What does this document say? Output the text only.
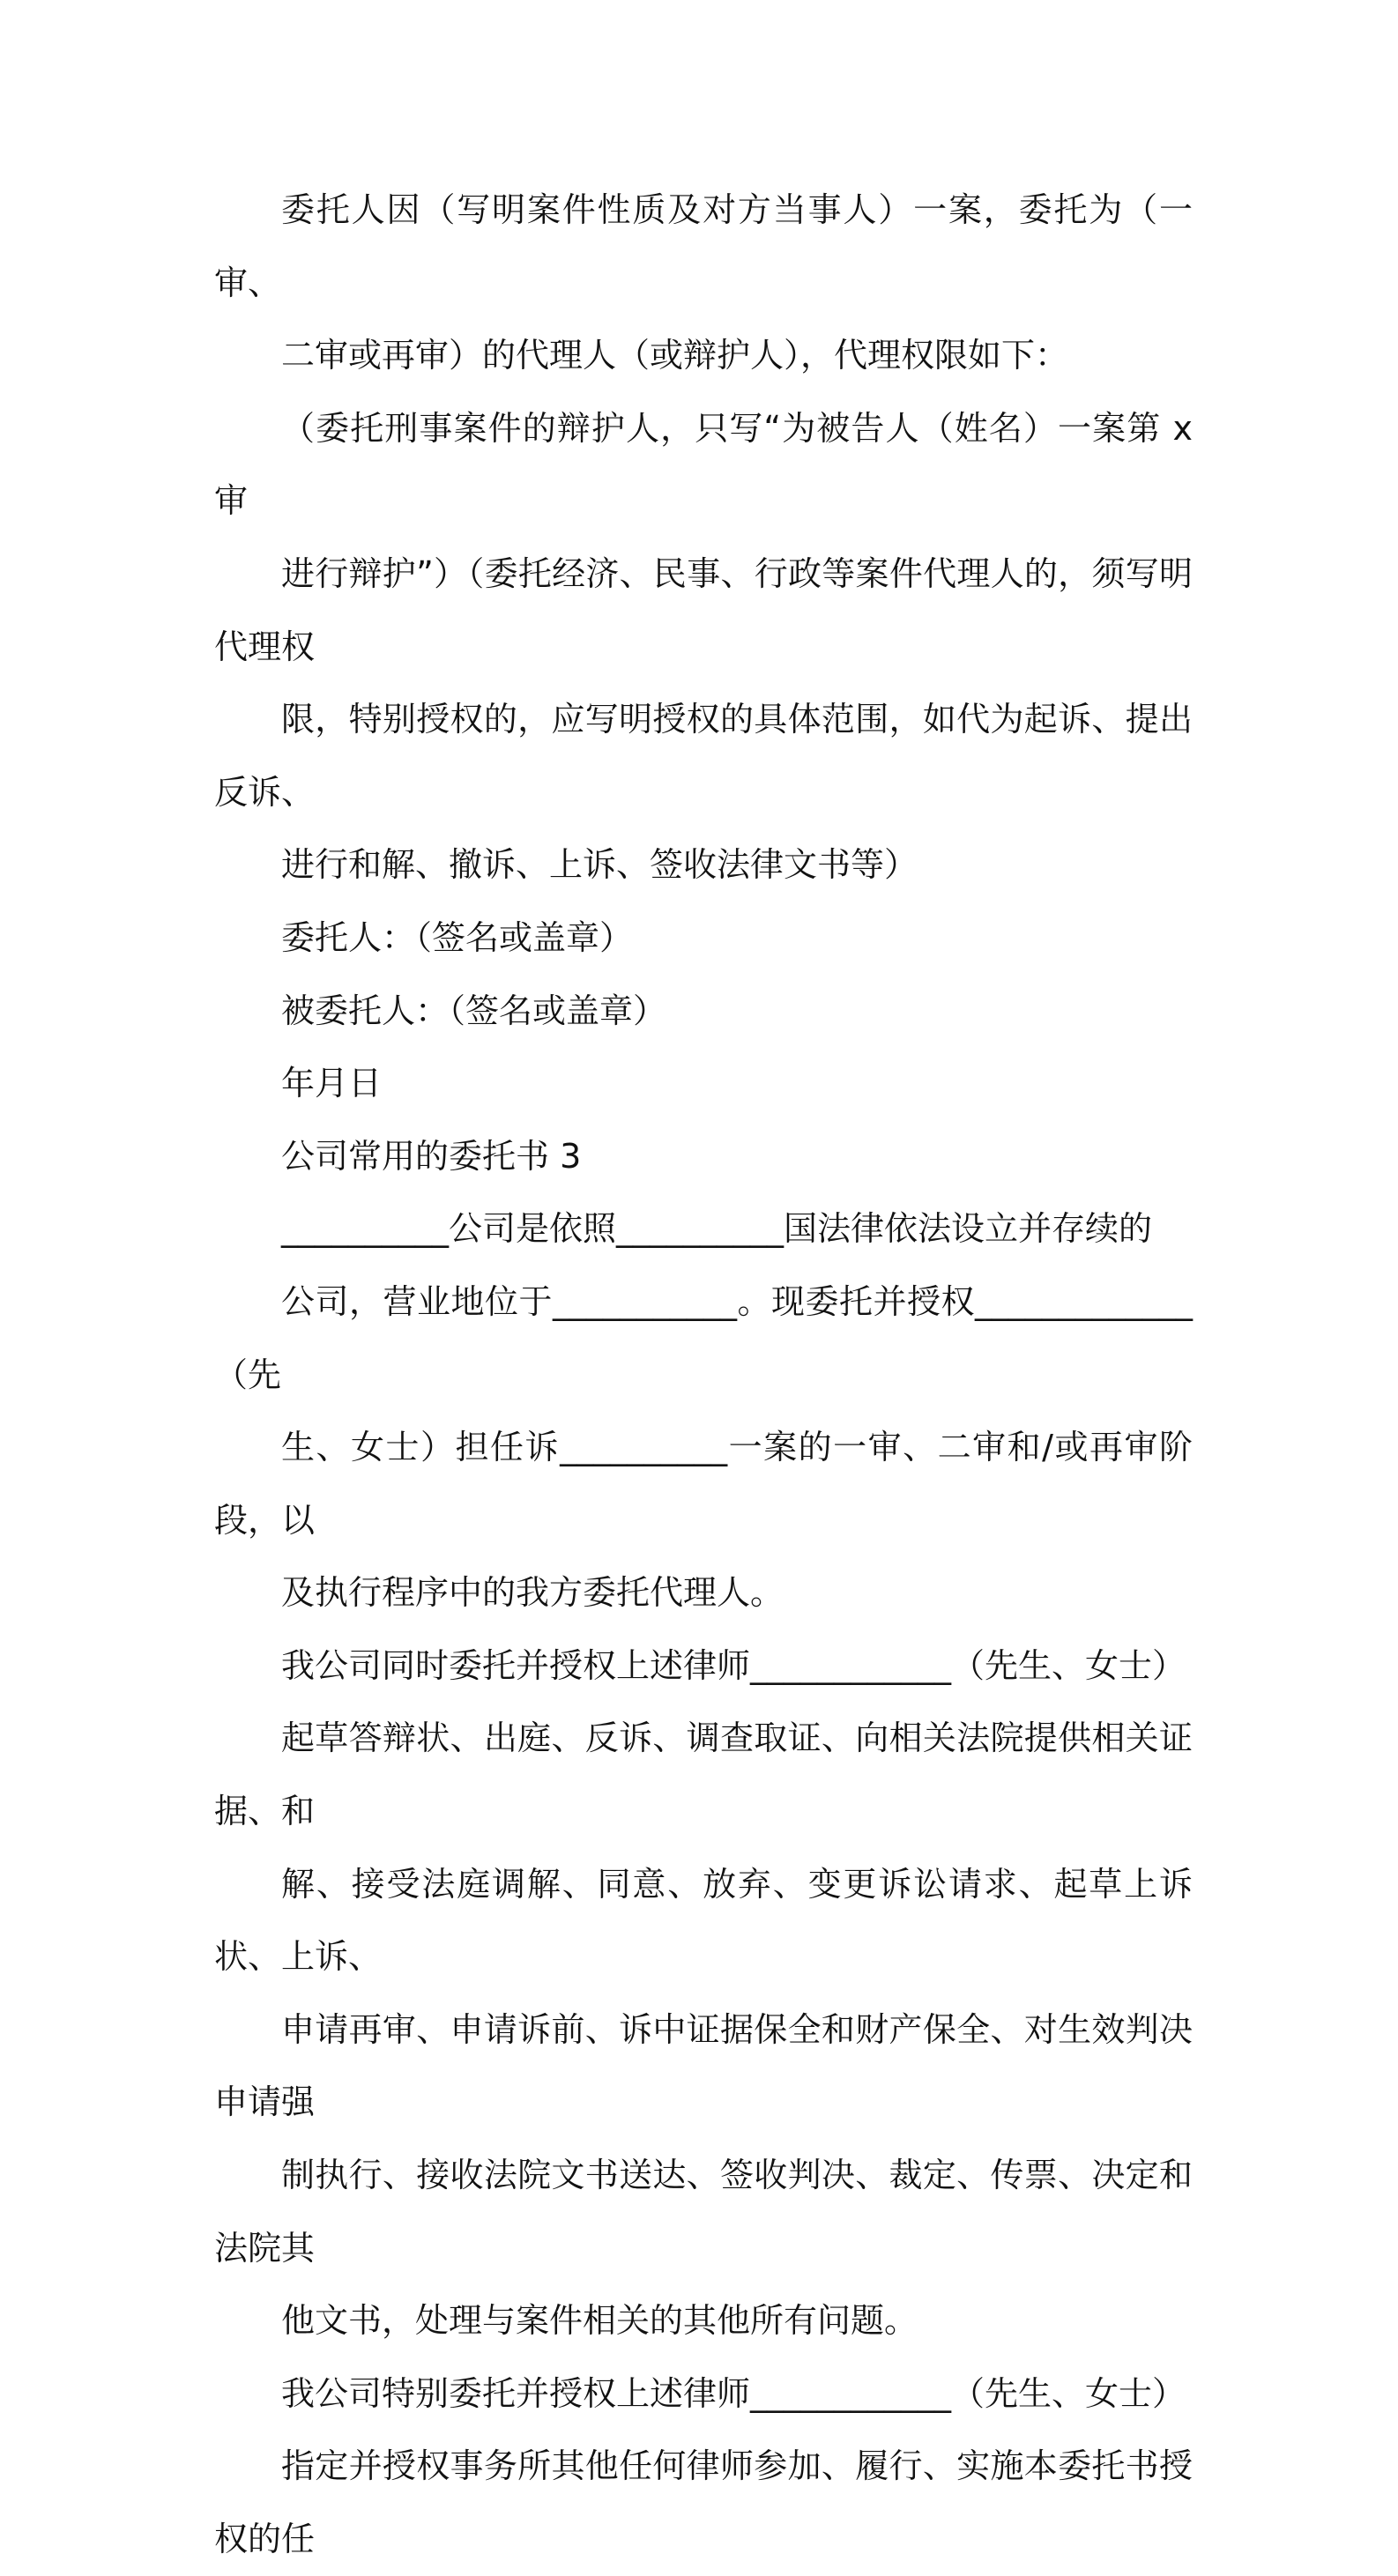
委托人因（写明案件性质及对方当事人）一案，委托为（一审、
二审或再审）的代理人（或辩护人），代理权限如下：

（委托刑事案件的辩护人，只写“为被告人（姓名）一案第 x 审
进行辩护”）（委托经济、民事、行政等案件代理人的，须写明代理权
限，特别授权的，应写明授权的具体范围，如代为起诉、提出反诉、
进行和解、撤诉、上诉、签收法律文书等）

委托人：（签名或盖章）

被委托人：（签名或盖章）

年月日

公司常用的委托书 3

__________公司是依照__________国法律依法设立并存续的
公司，营业地位于___________。现委托并授权_____________（先
生、女士）担任诉__________一案的一审、二审和/或再审阶段，以
及执行程序中的我方委托代理人。

我公司同时委托并授权上述律师____________（先生、女士）
起草答辩状、出庭、反诉、调查取证、向相关法院提供相关证据、和
解、接受法庭调解、同意、放弃、变更诉讼请求、起草上诉状、上诉、
申请再审、申请诉前、诉中证据保全和财产保全、对生效判决申请强
制执行、接收法院文书送达、签收判决、裁定、传票、决定和法院其
他文书，处理与案件相关的其他所有问题。

我公司特别委托并授权上述律师____________（先生、女士）
指定并授权事务所其他任何律师参加、履行、实施本委托书授权的任
